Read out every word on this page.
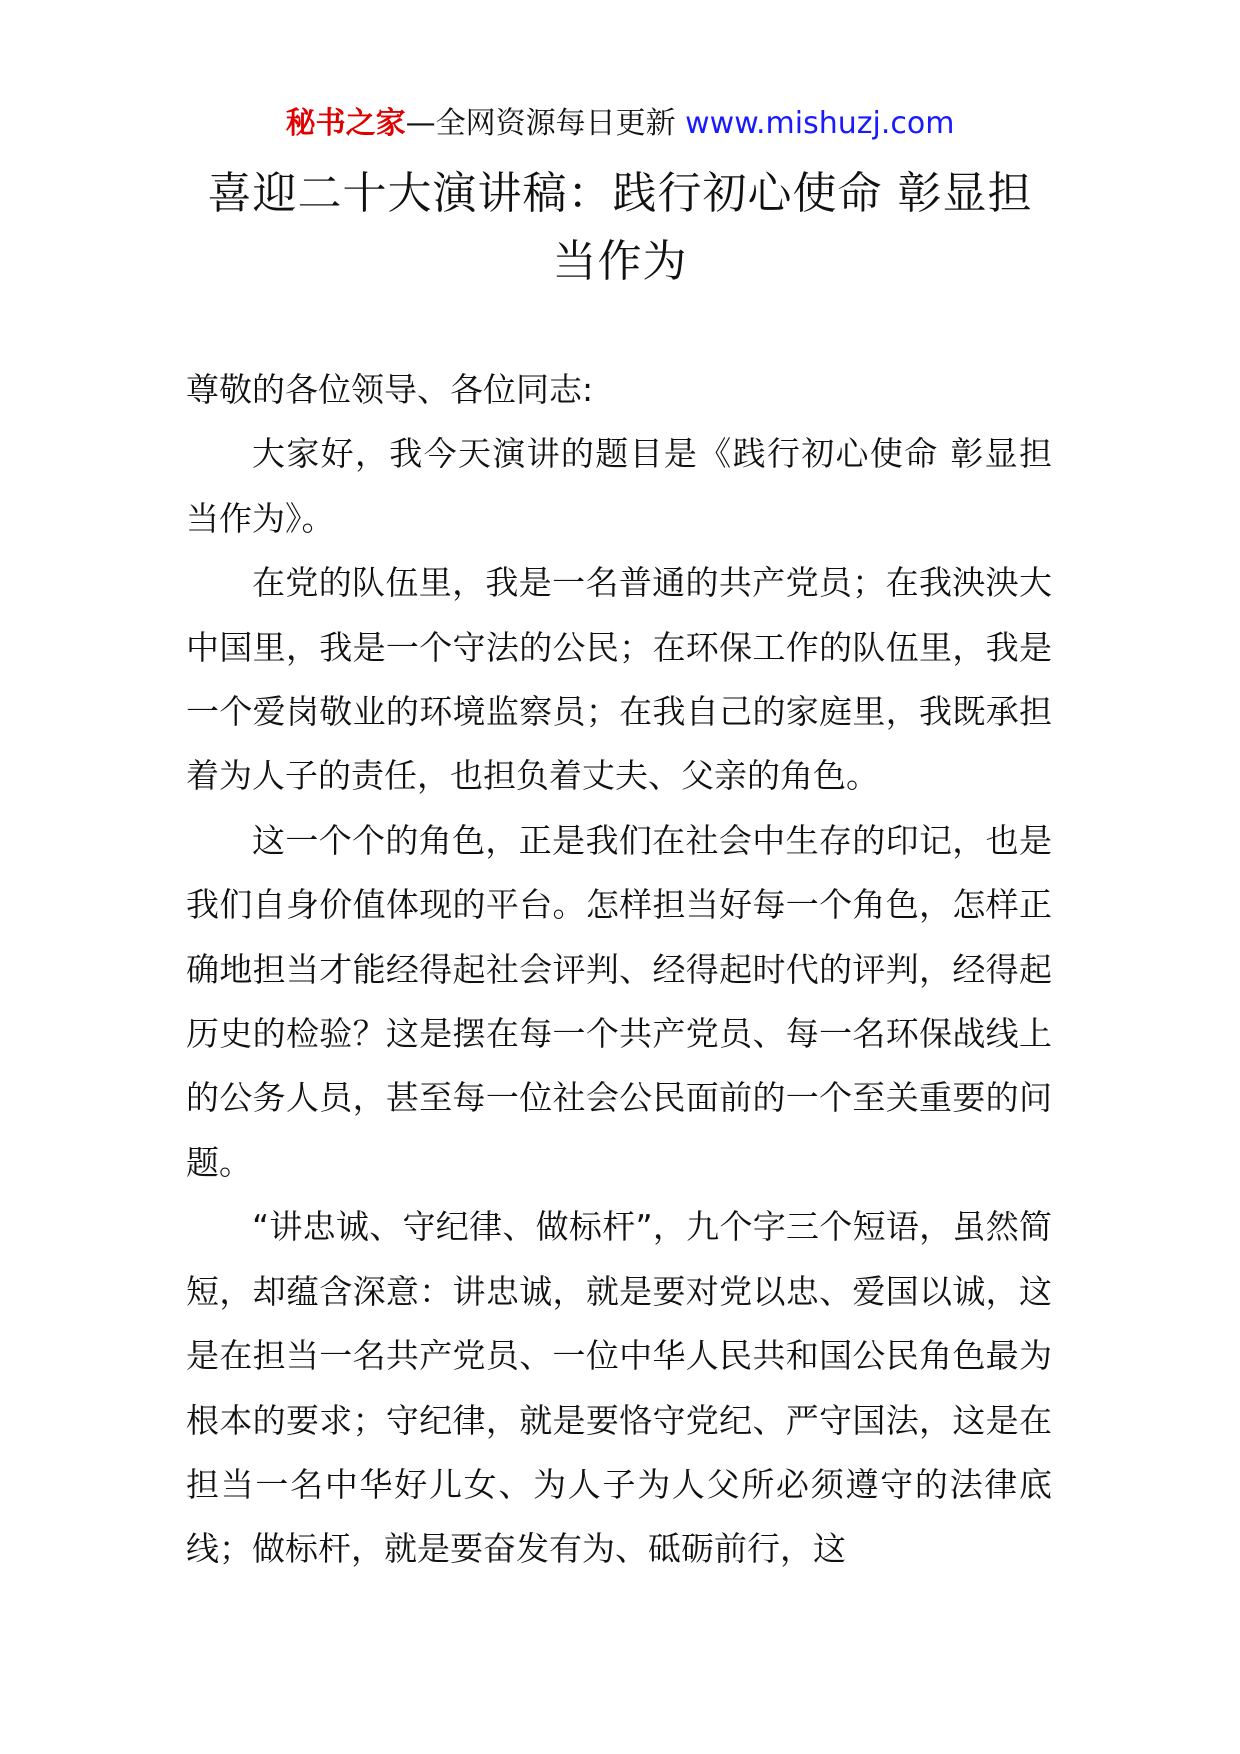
秘书之家—全网资源每日更新 www.mishuzj.com
喜迎二十大演讲稿：践行初心使命 彰显担当作为

尊敬的各位领导、各位同志:

大家好，我今天演讲的题目是《践行初心使命 彰显担当作为》。

在党的队伍里，我是一名普通的共产党员；在我泱泱大中国里，我是一个守法的公民；在环保工作的队伍里，我是一个爱岗敬业的环境监察员；在我自己的家庭里，我既承担着为人子的责任，也担负着丈夫、父亲的角色。

这一个个的角色，正是我们在社会中生存的印记，也是我们自身价值体现的平台。怎样担当好每一个角色，怎样正确地担当才能经得起社会评判、经得起时代的评判，经得起历史的检验？这是摆在每一个共产党员、每一名环保战线上的公务人员，甚至每一位社会公民面前的一个至关重要的问题。

“讲忠诚、守纪律、做标杆”，九个字三个短语，虽然简短，却蕴含深意：讲忠诚，就是要对党以忠、爱国以诚，这是在担当一名共产党员、一位中华人民共和国公民角色最为根本的要求；守纪律，就是要恪守党纪、严守国法，这是在担当一名中华好儿女、为人子为人父所必须遵守的法律底线；做标杆，就是要奋发有为、砥砺前行，这
